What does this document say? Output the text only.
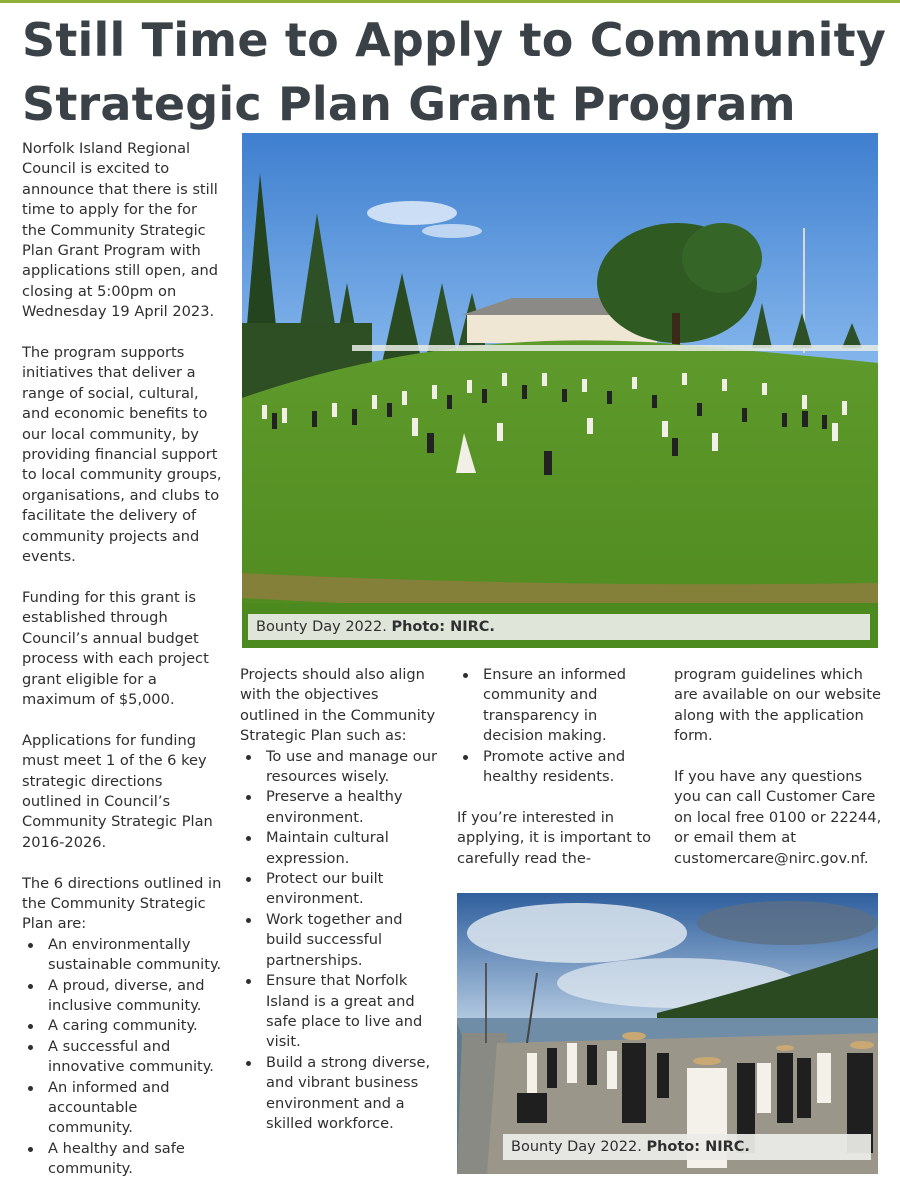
Still Time to Apply to Community Strategic Plan Grant Program

Norfolk Island Regional Council is excited to announce that there is still time to apply for the for the Community Strategic Plan Grant Program with applications still open, and closing at 5:00pm on Wednesday 19 April 2023.

The program supports initiatives that deliver a range of social, cultural, and economic benefits to our local community, by providing financial support to local community groups, organisations, and clubs to facilitate the delivery of community projects and events.

Funding for this grant is established through Council’s annual budget process with each project grant eligible for a maximum of $5,000.

Applications for funding must meet 1 of the 6 key strategic directions outlined in Council’s Community Strategic Plan 2016-2026.

The 6 directions outlined in the Community Strategic Plan are:

An environmentally sustainable community.
A proud, diverse, and inclusive community.
A caring community.
A successful and innovative community.
An informed and accountable community.
A healthy and safe community.
Bounty Day 2022. Photo: NIRC.

Projects should also align with the objectives outlined in the Community Strategic Plan such as:

To use and manage our resources wisely.
Preserve a healthy environment.
Maintain cultural expression.
Protect our built environment.
Work together and build successful partnerships.
Ensure that Norfolk Island is a great and safe place to live and visit.
Build a strong diverse, and vibrant business environment and a skilled workforce.
Ensure an informed community and transparency in decision making.
Promote active and healthy residents.

If you’re interested in applying, it is important to carefully read the-

program guidelines which are available on our website along with the application form.

If you have any questions you can call Customer Care on local free 0100 or 22244, or email them at customercare@nirc.gov.nf.

Bounty Day 2022. Photo: NIRC.
